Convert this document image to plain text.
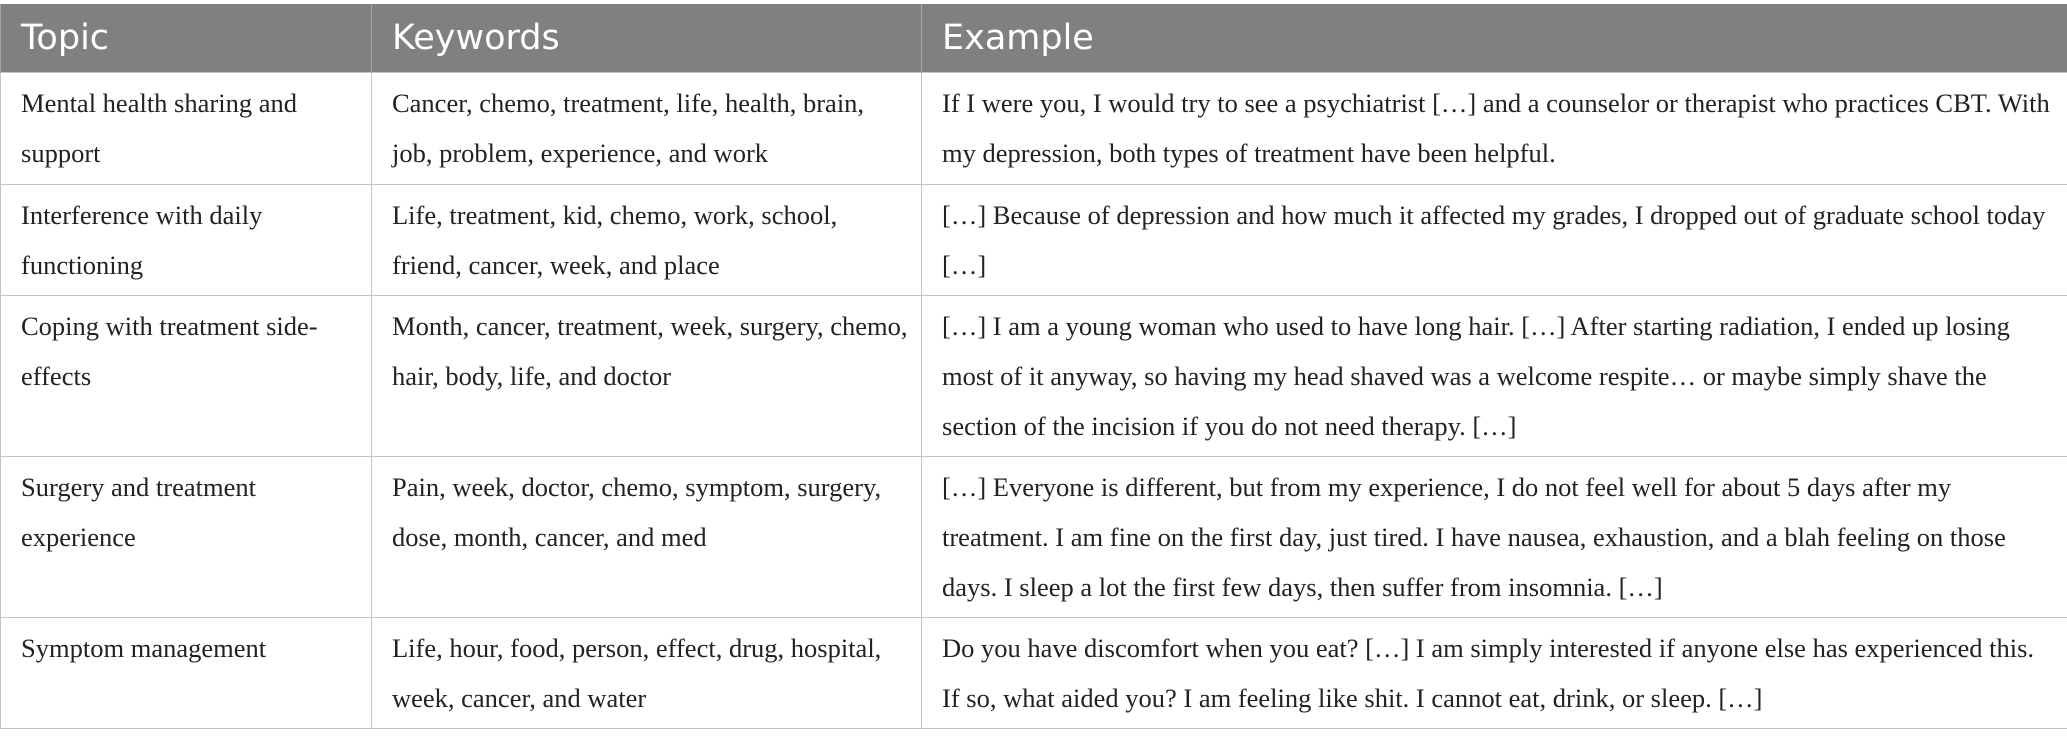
Topic	Keywords	Example
Mental health sharing and support	Cancer, chemo, treatment, life, health, brain, job, problem, experience, and work	If I were you, I would try to see a psychiatrist […] and a counselor or therapist who practices CBT. With my depression, both types of treatment have been helpful.
Interference with daily functioning	Life, treatment, kid, chemo, work, school, friend, cancer, week, and place	[…] Because of depression and how much it affected my grades, I dropped out of graduate school today […]
Coping with treatment side-effects	Month, cancer, treatment, week, surgery, chemo, hair, body, life, and doctor	[…] I am a young woman who used to have long hair. […] After starting radiation, I ended up losing most of it anyway, so having my head shaved was a welcome respite… or maybe simply shave the section of the incision if you do not need therapy. […]
Surgery and treatment experience	Pain, week, doctor, chemo, symptom, surgery, dose, month, cancer, and med	[…] Everyone is different, but from my experience, I do not feel well for about 5 days after my treatment. I am fine on the first day, just tired. I have nausea, exhaustion, and a blah feeling on those days. I sleep a lot the first few days, then suffer from insomnia. […]
Symptom management	Life, hour, food, person, effect, drug, hospital, week, cancer, and water	Do you have discomfort when you eat? […] I am simply interested if anyone else has experienced this. If so, what aided you? I am feeling like shit. I cannot eat, drink, or sleep. […]
